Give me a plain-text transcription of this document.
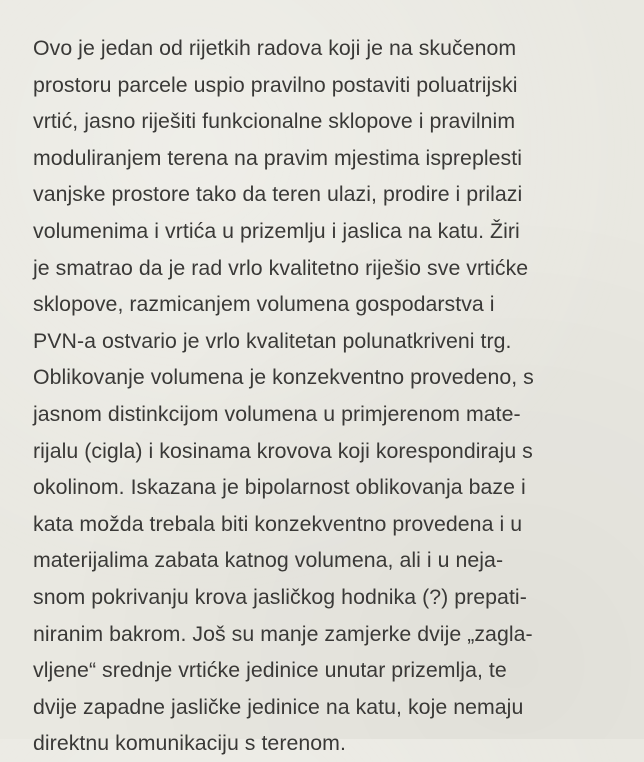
Ovo je jedan od rijetkih radova koji je na skučenom
prostoru parcele uspio pravilno postaviti poluatrijski
vrtić, jasno riješiti funkcionalne sklopove i pravilnim
moduliranjem terena na pravim mjestima ispreplesti
vanjske prostore tako da teren ulazi, prodire i prilazi
volumenima i vrtića u prizemlju i jaslica na katu. Žiri
je smatrao da je rad vrlo kvalitetno riješio sve vrtićke
sklopove, razmicanjem volumena gospodarstva i
PVN-a ostvario je vrlo kvalitetan polunatkriveni trg.
Oblikovanje volumena je konzekventno provedeno, s
jasnom distinkcijom volumena u primjerenom mate-
rijalu (cigla) i kosinama krovova koji korespondiraju s
okolinom. Iskazana je bipolarnost oblikovanja baze i
kata možda trebala biti konzekventno provedena i u
materijalima zabata katnog volumena, ali i u neja-
snom pokrivanju krova jasličkog hodnika (?) prepati-
niranim bakrom. Još su manje zamjerke dvije „zagla-
vljene“ srednje vrtićke jedinice unutar prizemlja, te
dvije zapadne jasličke jedinice na katu, koje nemaju
direktnu komunikaciju s terenom.
